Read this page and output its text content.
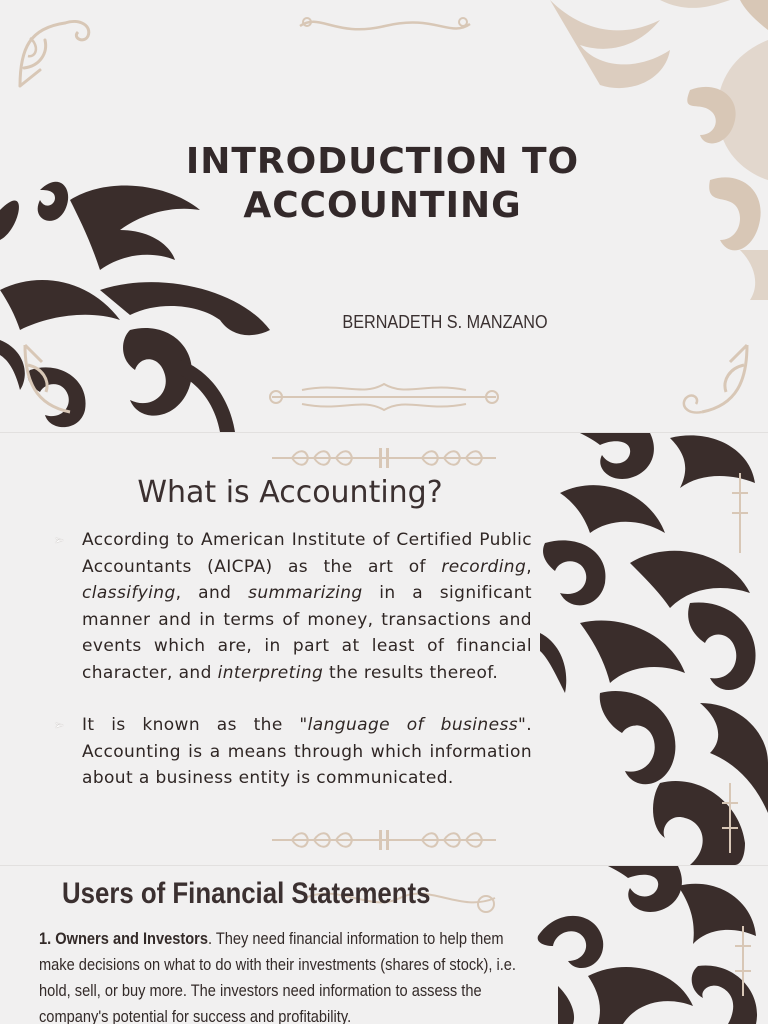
INTRODUCTION TO
ACCOUNTING
BERNADETH S. MANZANO
What is Accounting?
➢ According to American Institute of Certified Public Accountants (AICPA) as the art of recording, classifying, and summarizing in a significant manner and in terms of money, transactions and events which are, in part at least of financial character, and interpreting the results thereof.
➢ It is known as the "language of business". Accounting is a means through which information about a business entity is communicated.
Users of Financial Statements
1. Owners and Investors. They need financial information to help them make decisions on what to do with their investments (shares of stock), i.e. hold, sell, or buy more. The investors need information to assess the company's potential for success and profitability.
